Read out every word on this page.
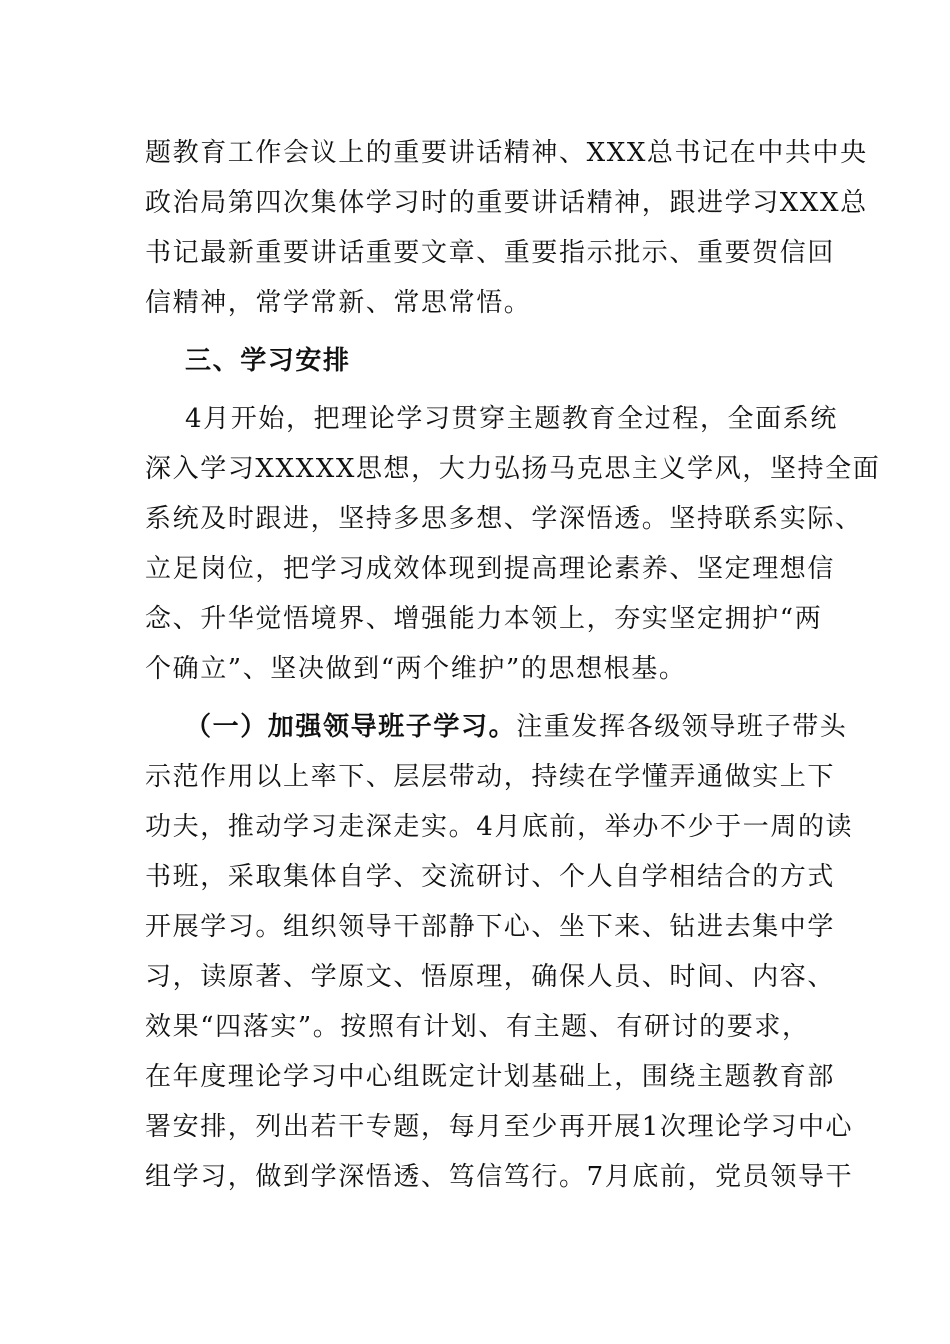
题教育工作会议上的重要讲话精神、XXX总书记在中共中央
政治局第四次集体学习时的重要讲话精神，跟进学习XXX总
书记最新重要讲话重要文章、重要指示批示、重要贺信回
信精神，常学常新、常思常悟。
三、学习安排
4月开始，把理论学习贯穿主题教育全过程，全面系统
深入学习XXXXX思想，大力弘扬马克思主义学风，坚持全面
系统及时跟进，坚持多思多想、学深悟透。坚持联系实际、
立足岗位，把学习成效体现到提高理论素养、坚定理想信
念、升华觉悟境界、增强能力本领上，夯实坚定拥护“两
个确立”、坚决做到“两个维护”的思想根基。
（一）加强领导班子学习。注重发挥各级领导班子带头
示范作用以上率下、层层带动，持续在学懂弄通做实上下
功夫，推动学习走深走实。4月底前，举办不少于一周的读
书班，采取集体自学、交流研讨、个人自学相结合的方式
开展学习。组织领导干部静下心、坐下来、钻进去集中学
习，读原著、学原文、悟原理，确保人员、时间、内容、
效果“四落实”。按照有计划、有主题、有研讨的要求，
在年度理论学习中心组既定计划基础上，围绕主题教育部
署安排，列出若干专题，每月至少再开展1次理论学习中心
组学习，做到学深悟透、笃信笃行。7月底前，党员领导干
